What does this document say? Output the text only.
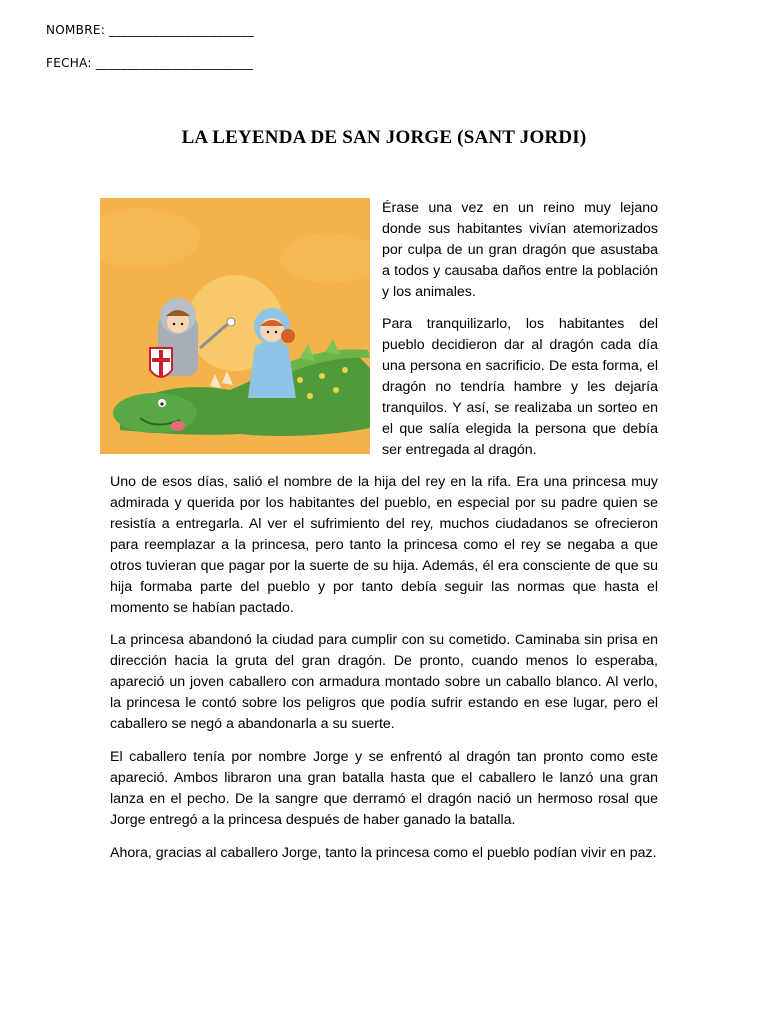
NOMBRE: _______________________
FECHA: _________________________
LA LEYENDA DE SAN JORGE (SANT JORDI)

Érase una vez en un reino muy lejano donde sus habitantes vivían atemorizados por culpa de un gran dragón que asustaba a todos y causaba daños entre la población y los animales.

Para tranquilizarlo, los habitantes del pueblo decidieron dar al dragón cada día una persona en sacrificio. De esta forma, el dragón no tendría hambre y les dejaría tranquilos. Y así, se realizaba un sorteo en el que salía elegida la persona que debía ser entregada al dragón.

Uno de esos días, salió el nombre de la hija del rey en la rifa. Era una princesa muy admirada y querida por los habitantes del pueblo, en especial por su padre quien se resistía a entregarla. Al ver el sufrimiento del rey, muchos ciudadanos se ofrecieron para reemplazar a la princesa, pero tanto la princesa como el rey se negaba a que otros tuvieran que pagar por la suerte de su hija. Además, él era consciente de que su hija formaba parte del pueblo y por tanto debía seguir las normas que hasta el momento se habían pactado.

La princesa abandonó la ciudad para cumplir con su cometido. Caminaba sin prisa en dirección hacia la gruta del gran dragón. De pronto, cuando menos lo esperaba, apareció un joven caballero con armadura montado sobre un caballo blanco. Al verlo, la princesa le contó sobre los peligros que podía sufrir estando en ese lugar, pero el caballero se negó a abandonarla a su suerte.

El caballero tenía por nombre Jorge y se enfrentó al dragón tan pronto como este apareció. Ambos libraron una gran batalla hasta que el caballero le lanzó una gran lanza en el pecho. De la sangre que derramó el dragón nació un hermoso rosal que Jorge entregó a la princesa después de haber ganado la batalla.

Ahora, gracias al caballero Jorge, tanto la princesa como el pueblo podían vivir en paz.
